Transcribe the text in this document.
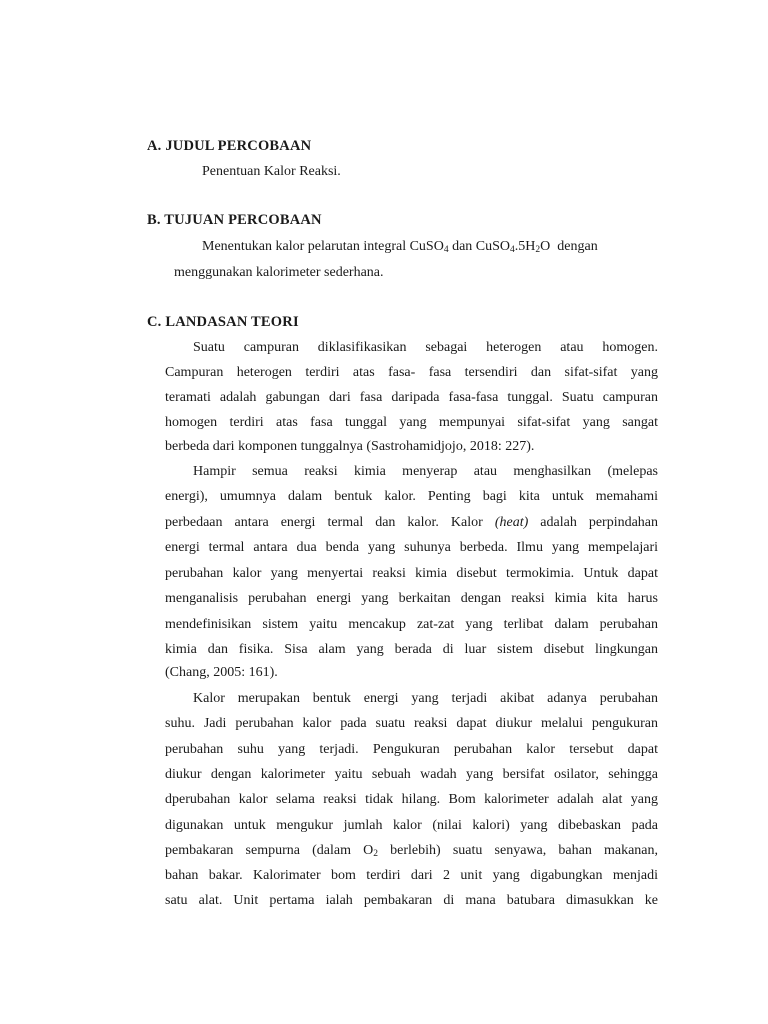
A. JUDUL PERCOBAAN
Penentuan Kalor Reaksi.
B. TUJUAN PERCOBAAN
Menentukan kalor pelarutan integral CuSO$_4$ dan $CuSO_4.5H_2O$  dengan
menggunakan kalorimeter sederhana.
C. LANDASAN TEORI
Suatu campuran diklasifikasikan sebagai heterogen atau homogen.
Campuran heterogen terdiri atas fasa- fasa tersendiri dan sifat-sifat yang
teramati adalah gabungan dari fasa daripada fasa-fasa tunggal. Suatu campuran
homogen terdiri atas fasa tunggal yang mempunyai sifat-sifat yang sangat
berbeda dari komponen tunggalnya (Sastrohamidjojo, 2018: 227).
Hampir semua reaksi kimia menyerap atau menghasilkan (melepas
energi), umumnya dalam bentuk kalor. Penting bagi kita untuk memahami
perbedaan antara energi termal dan kalor. Kalor (heat) adalah perpindahan
energi termal antara dua benda yang suhunya berbeda. Ilmu yang mempelajari
perubahan kalor yang menyertai reaksi kimia disebut termokimia. Untuk dapat
menganalisis perubahan energi yang berkaitan dengan reaksi kimia kita harus
mendefinisikan sistem yaitu mencakup zat-zat yang terlibat dalam perubahan
kimia dan fisika. Sisa alam yang berada di luar sistem disebut lingkungan
(Chang, 2005: 161).
Kalor merupakan bentuk energi yang terjadi akibat adanya perubahan
suhu. Jadi perubahan kalor pada suatu reaksi dapat diukur melalui pengukuran
perubahan suhu yang terjadi. Pengukuran perubahan kalor tersebut dapat
diukur dengan kalorimeter yaitu sebuah wadah yang bersifat osilator, sehingga
dperubahan kalor selama reaksi tidak hilang. Bom kalorimeter adalah alat yang
digunakan untuk mengukur jumlah kalor (nilai kalori) yang dibebaskan pada
pembakaran sempurna (dalam $O_2$ berlebih) suatu senyawa, bahan makanan,
bahan bakar. Kalorimater bom terdiri dari 2 unit yang digabungkan menjadi
satu alat. Unit pertama ialah pembakaran di mana batubara dimasukkan ke
